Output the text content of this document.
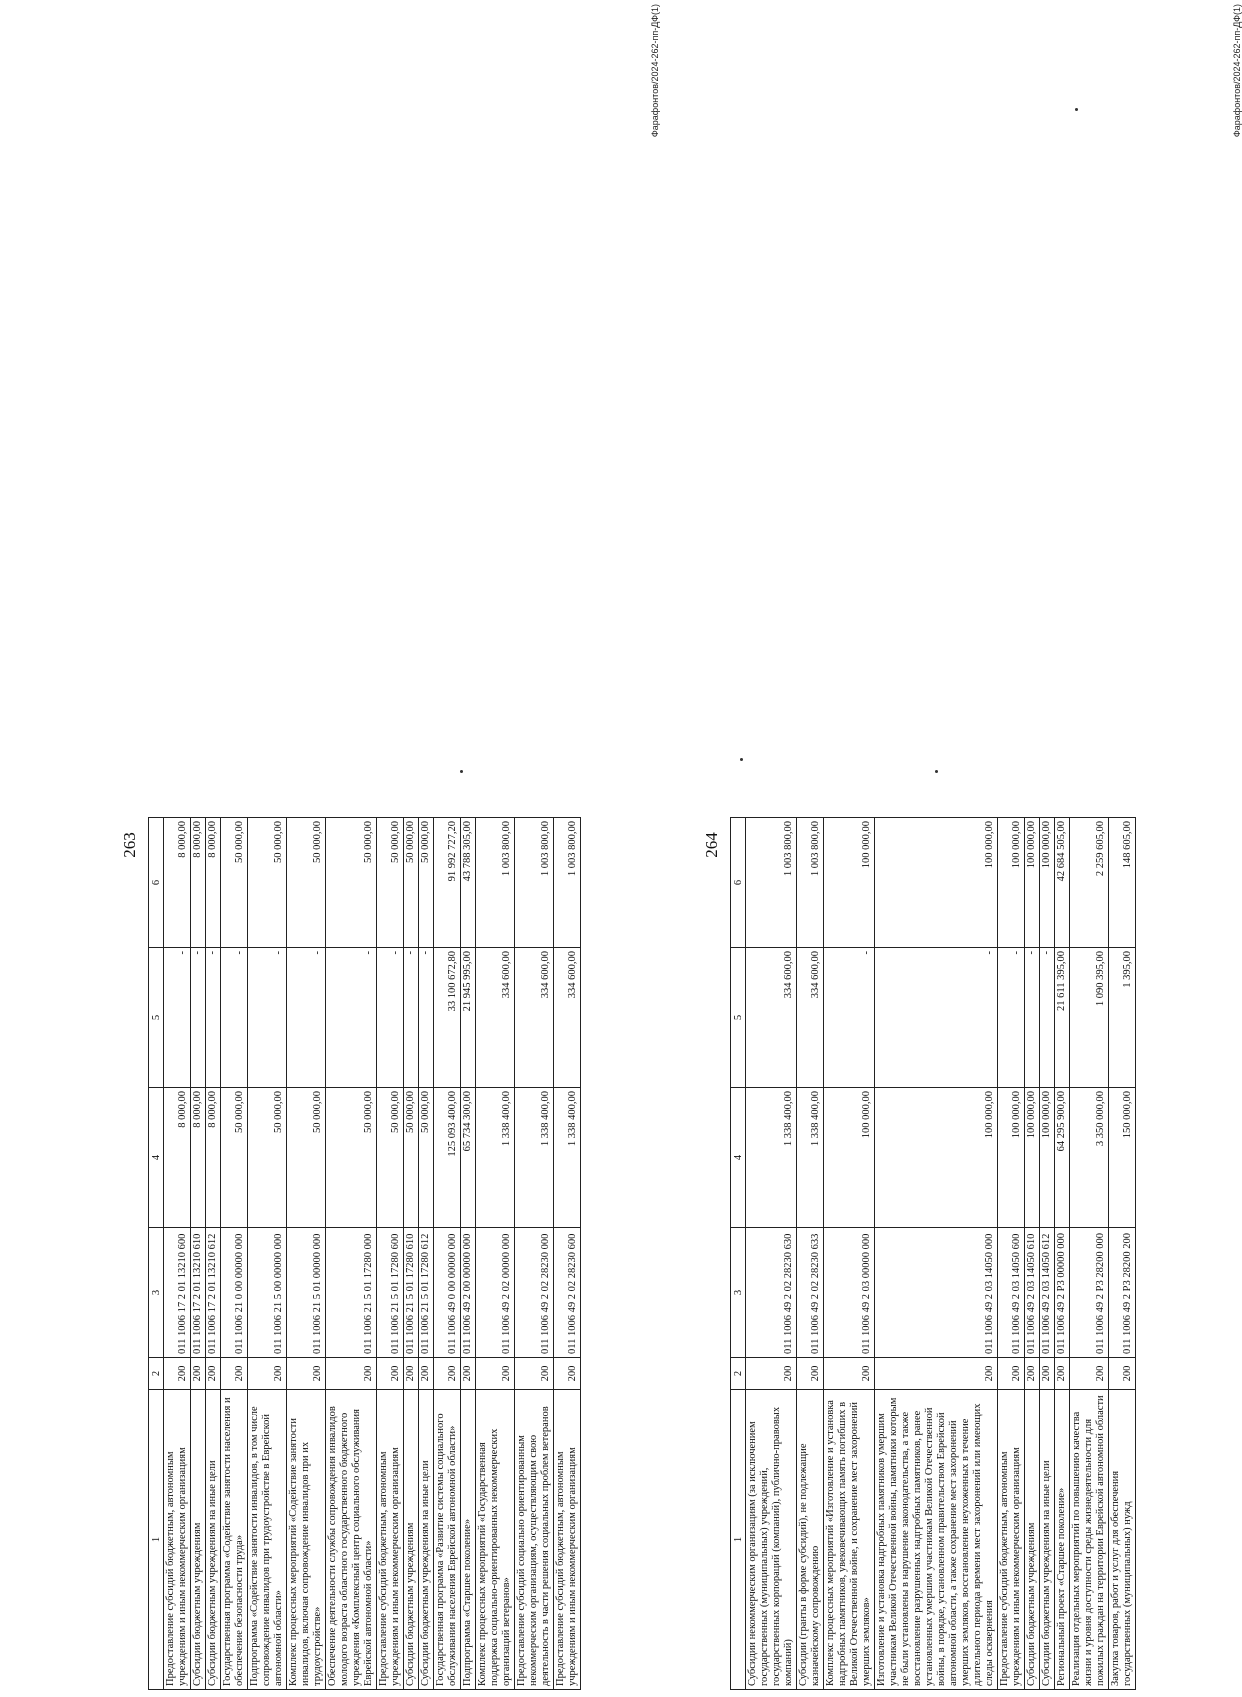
263
1	2	3	4	5	6
Предоставление субсидий бюджетным, автономным учреждениям и иным некоммерческим организациям	200	011 1006 17 2 01 13210 600	8 000,00	-	8 000,00
Субсидии бюджетным учреждениям	200	011 1006 17 2 01 13210 610	8 000,00	-	8 000,00
Субсидии бюджетным учреждениям на иные цели	200	011 1006 17 2 01 13210 612	8 000,00	-	8 000,00
Государственная программа «Содействие занятости населения и обеспечение безопасности труда»	200	011 1006 21 0 00 00000 000	50 000,00	-	50 000,00
Подпрограмма «Содействие занятости инвалидов, в том числе сопровождение инвалидов при трудоустройстве в Еврейской автономной области»	200	011 1006 21 5 00 00000 000	50 000,00	-	50 000,00
Комплекс процессных мероприятий «Содействие занятости инвалидов, включая сопровождение инвалидов при их трудоустройстве»	200	011 1006 21 5 01 00000 000	50 000,00	-	50 000,00
Обеспечение деятельности службы сопровождения инвалидов молодого возраста областного государственного бюджетного учреждения «Комплексный центр социального обслуживания Еврейской автономной области»	200	011 1006 21 5 01 17280 000	50 000,00	-	50 000,00
Предоставление субсидий бюджетным, автономным учреждениям и иным некоммерческим организациям	200	011 1006 21 5 01 17280 600	50 000,00	-	50 000,00
Субсидии бюджетным учреждениям	200	011 1006 21 5 01 17280 610	50 000,00	-	50 000,00
Субсидии бюджетным учреждениям на иные цели	200	011 1006 21 5 01 17280 612	50 000,00	-	50 000,00
Государственная программа «Развитие системы социального обслуживания населения Еврейской автономной области»	200	011 1006 49 0 00 00000 000	125 093 400,00	33 100 672,80	91 992 727,20
Подпрограмма «Старшее поколение»	200	011 1006 49 2 00 00000 000	65 734 300,00	21 945 995,00	43 788 305,00
Комплекс процессных мероприятий «Государственная поддержка социально-ориентированных некоммерческих организаций ветеранов»	200	011 1006 49 2 02 00000 000	1 338 400,00	334 600,00	1 003 800,00
Предоставление субсидий социально ориентированным некоммерческим организациям, осуществляющим свою деятельность в части решения социальных проблем ветеранов	200	011 1006 49 2 02 28230 000	1 338 400,00	334 600,00	1 003 800,00
Предоставление субсидий бюджетным, автономным учреждениям и иным некоммерческим организациям	200	011 1006 49 2 02 28230 600	1 338 400,00	334 600,00	1 003 800,00
Фарафонтов/2024-262-пп-ДФ(1)
264
1	2	3	4	5	6
Субсидии некоммерческим организациям (за исключением государственных (муниципальных) учреждений, государственных корпораций (компаний), публично-правовых компаний)	200	011 1006 49 2 02 28230 630	1 338 400,00	334 600,00	1 003 800,00
Субсидии (гранты в форме субсидий), не подлежащие казначейскому сопровождению	200	011 1006 49 2 02 28230 633	1 338 400,00	334 600,00	1 003 800,00
Комплекс процессных мероприятий «Изготовление и установка надгробных памятников, увековечивающих память погибших в Великой Отечественной войне, и сохранение мест захоронений умерших земляков»	200	011 1006 49 2 03 00000 000	100 000,00	-	100 000,00
Изготовление и установка надгробных памятников умершим участникам Великой Отечественной войны, памятники которым не были установлены в нарушение законодательства, а также восстановление разрушенных надгробных памятников, ранее установленных умершим участникам Великой Отечественной войны, в порядке, установленном правительством Еврейской автономной области, а также сохранение мест захоронений умерших земляков, восстановление неухоженных в течение длительного периода времени мест захоронений или имеющих следы осквернения	200	011 1006 49 2 03 14050 000	100 000,00	-	100 000,00
Предоставление субсидий бюджетным, автономным учреждениям и иным некоммерческим организациям	200	011 1006 49 2 03 14050 600	100 000,00	-	100 000,00
Субсидии бюджетным учреждениям	200	011 1006 49 2 03 14050 610	100 000,00	-	100 000,00
Субсидии бюджетным учреждениям на иные цели	200	011 1006 49 2 03 14050 612	100 000,00	-	100 000,00
Региональный проект «Старшее поколение»	200	011 1006 49 2 Р3 00000 000	64 295 900,00	21 611 395,00	42 684 505,00
Реализация отдельных мероприятий по повышению качества жизни и уровня доступности среды жизнедеятельности для пожилых граждан на территории Еврейской автономной области	200	011 1006 49 2 Р3 28200 000	3 350 000,00	1 090 395,00	2 259 605,00
Закупка товаров, работ и услуг для обеспечения государственных (муниципальных) нужд	200	011 1006 49 2 Р3 28200 200	150 000,00	1 395,00	148 605,00
Фарафонтов/2024-262-пп-ДФ(1)
